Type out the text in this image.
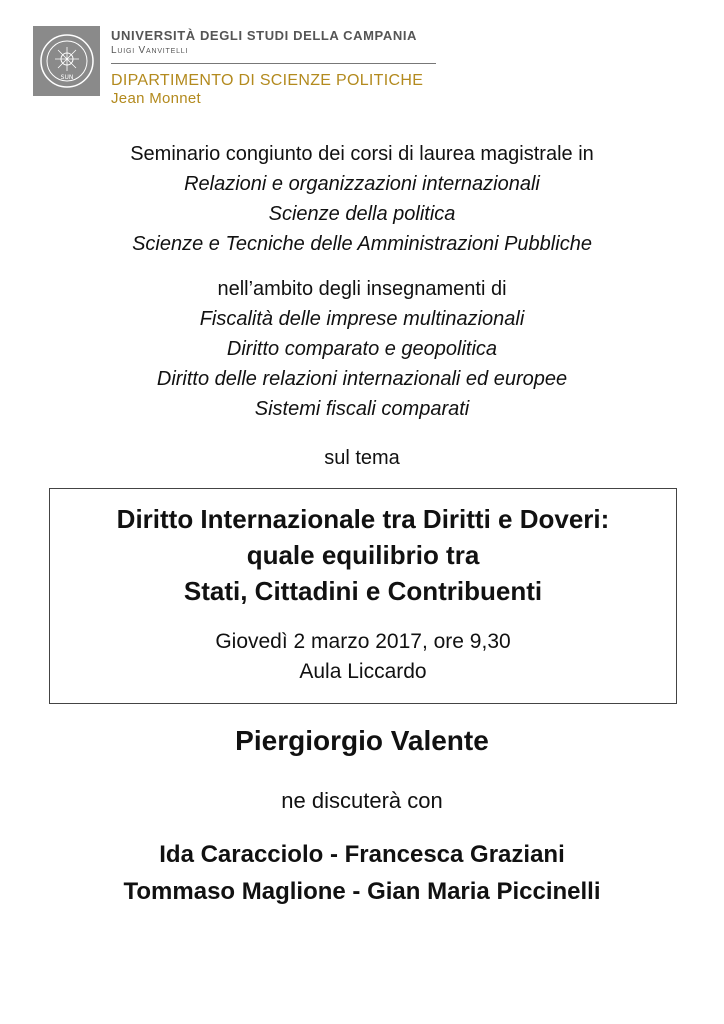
SUN
UNIVERSITÀ DEGLI STUDI DELLA CAMPANIA
Luigi Vanvitelli
DIPARTIMENTO DI SCIENZE POLITICHE
Jean Monnet
Seminario congiunto dei corsi di laurea magistrale in
Relazioni e organizzazioni internazionali
Scienze della politica
Scienze e Tecniche delle Amministrazioni Pubbliche
nell’ambito degli insegnamenti di
Fiscalità delle imprese multinazionali
Diritto comparato e geopolitica
Diritto delle relazioni internazionali ed europee
Sistemi fiscali comparati
sul tema
Diritto Internazionale tra Diritti e Doveri:
quale equilibrio tra
Stati, Cittadini e Contribuenti
Giovedì 2 marzo 2017, ore 9,30
Aula Liccardo
Piergiorgio Valente
ne discuterà con
Ida Caracciolo - Francesca Graziani
Tommaso Maglione - Gian Maria Piccinelli
